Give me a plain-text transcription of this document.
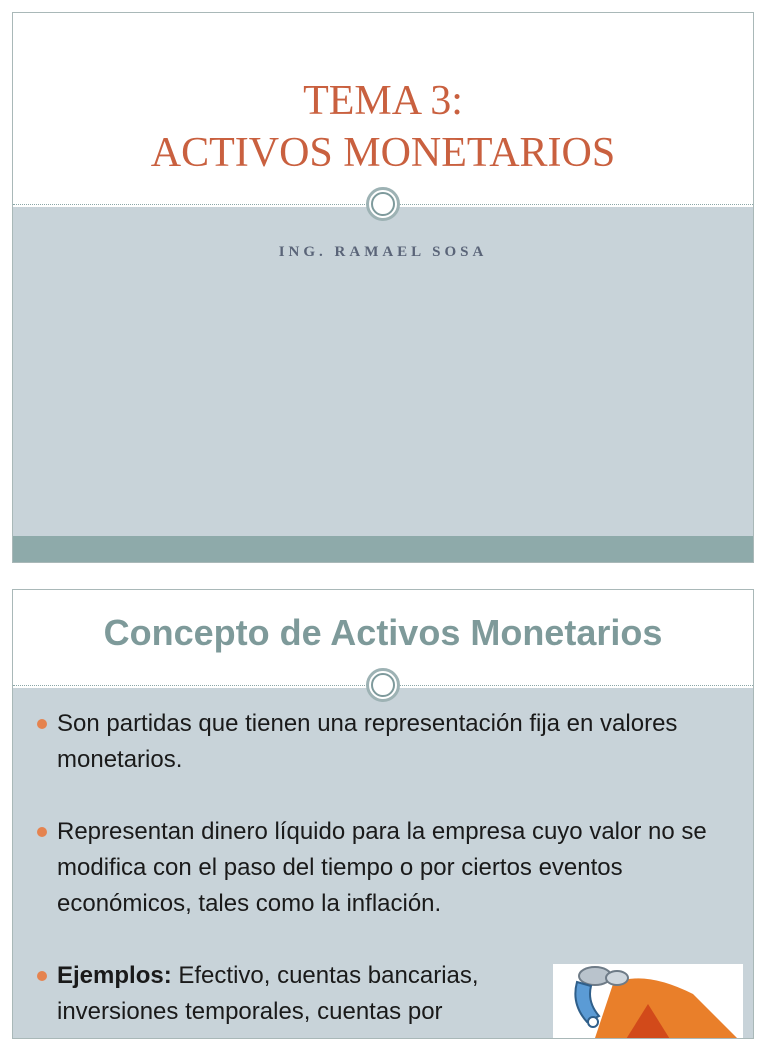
TEMA 3:
ACTIVOS MONETARIOS
ING. RAMAEL SOSA
Concepto de Activos Monetarios
Son partidas que tienen una representación fija en valores monetarios.
Representan dinero líquido para la empresa cuyo valor no se modifica con el paso del tiempo o por ciertos eventos económicos, tales como la inflación.
Ejemplos: Efectivo, cuentas bancarias, inversiones temporales, cuentas por
